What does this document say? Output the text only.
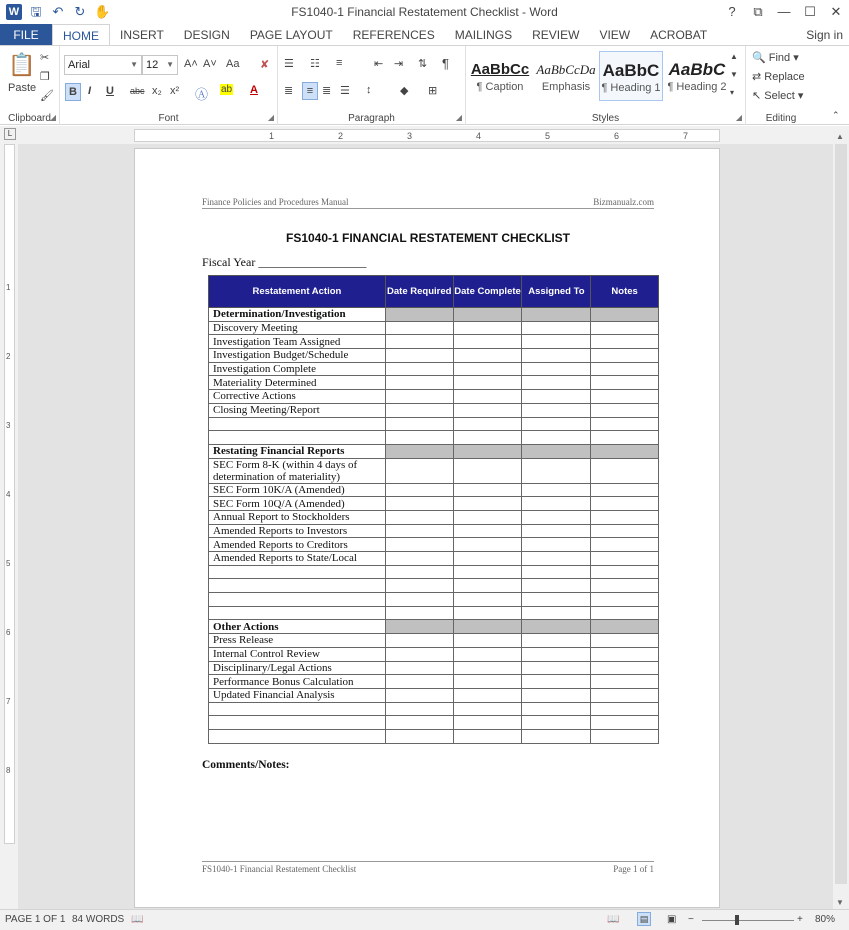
W 🖫 ↶ ↻ ✋	FS1040-1 Financial Restatement Checklist - Word	?	⧉	—	☐	✕
FILE	HOME	INSERT	DESIGN	PAGE LAYOUT	REFERENCES	MAILINGS	REVIEW	VIEW	ACROBAT	Sign in
📋
Paste
✂
❐
🖌
Clipboard
◢
Arial	▼ 12 ▼ A˄ A˅ Aa ✘
B	I U abc x₂ x² Ⓐ ab A
Font	◢
☰ ☷ ≡	⇤ ⇥ ⇅ ¶
≣	≡ ≣ ☰ ↕	◆ ⊞
Paragraph	◢
AaBbCc
¶ Caption
AaBbCcDa
Emphasis
AaBbC
¶ Heading 1
AaBbC
¶ Heading 2
▲
▼
▾
Styles	◢
🔍 Find ▾
⇄ Replace
↖ Select ▾
Editing	⌃
L	1	2	3	4	5	6	7
1
2
3
4
5
6
7
8
Finance Policies and Procedures Manual	Bizmanualz.com
FS1040-1 FINANCIAL RESTATEMENT CHECKLIST
Fiscal Year __________________
Restatement Action	Date Required	Date Complete	Assigned To	Notes
Determination/Investigation				
Discovery Meeting				
Investigation Team Assigned				
Investigation Budget/Schedule				
Investigation Complete				
Materiality Determined				
Corrective Actions				
Closing Meeting/Report				

Restating Financial Reports				
SEC Form 8-K (within 4 days of determination of materiality)				
SEC Form 10K/A (Amended)				
SEC Form 10Q/A (Amended)				
Annual Report to Stockholders				
Amended Reports to Investors				
Amended Reports to Creditors				
Amended Reports to State/Local				

Other Actions				
Press Release				
Internal Control Review				
Disciplinary/Legal Actions				
Performance Bonus Calculation				
Updated Financial Analysis				

Comments/Notes:
FS1040-1 Financial Restatement Checklist	Page 1 of 1
▲
▼
PAGE 1 OF 1 84 WORDS 📖	📖	▤ ▣ −	+ 80%
